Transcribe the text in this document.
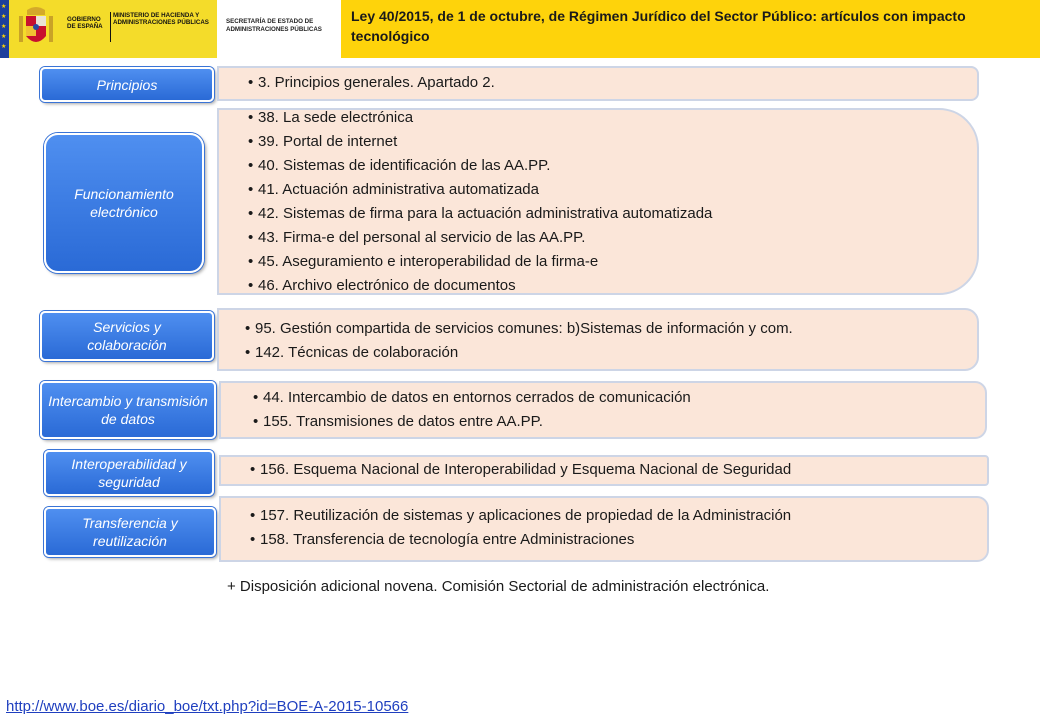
★
★
★
★
★
GOBIERNO DE ESPAÑA
MINISTERIO DE HACIENDA Y ADMINISTRACIONES PÚBLICAS	SECRETARÍA DE ESTADO DE ADMINISTRACIONES PÚBLICAS
Ley 40/2015, de 1 de octubre, de Régimen Jurídico del Sector Público: artículos con impacto tecnológico
Principios	• 3. Principios generales. Apartado 2.
Funcionamiento electrónico
• 38. La sede electrónica
• 39. Portal de internet
• 40. Sistemas de identificación de las AA.PP.
• 41. Actuación administrativa automatizada
• 42. Sistemas de firma para la actuación administrativa automatizada
• 43. Firma-e del personal al servicio de las AA.PP.
• 45. Aseguramiento e interoperabilidad de la firma-e
• 46. Archivo electrónico de documentos
Servicios y colaboración
• 95. Gestión compartida de servicios comunes: b)Sistemas de información y com.
• 142. Técnicas de colaboración
Intercambio y transmisión de datos
• 44. Intercambio de datos en entornos cerrados de comunicación
• 155. Transmisiones de datos entre AA.PP.
Interoperabilidad y seguridad
• 156. Esquema Nacional de Interoperabilidad y Esquema Nacional de Seguridad
Transferencia y reutilización
• 157. Reutilización de sistemas y aplicaciones de propiedad de la Administración
• 158. Transferencia de tecnología entre Administraciones
+ Disposición adicional novena. Comisión Sectorial de administración electrónica.
http://www.boe.es/diario_boe/txt.php?id=BOE-A-2015-10566
